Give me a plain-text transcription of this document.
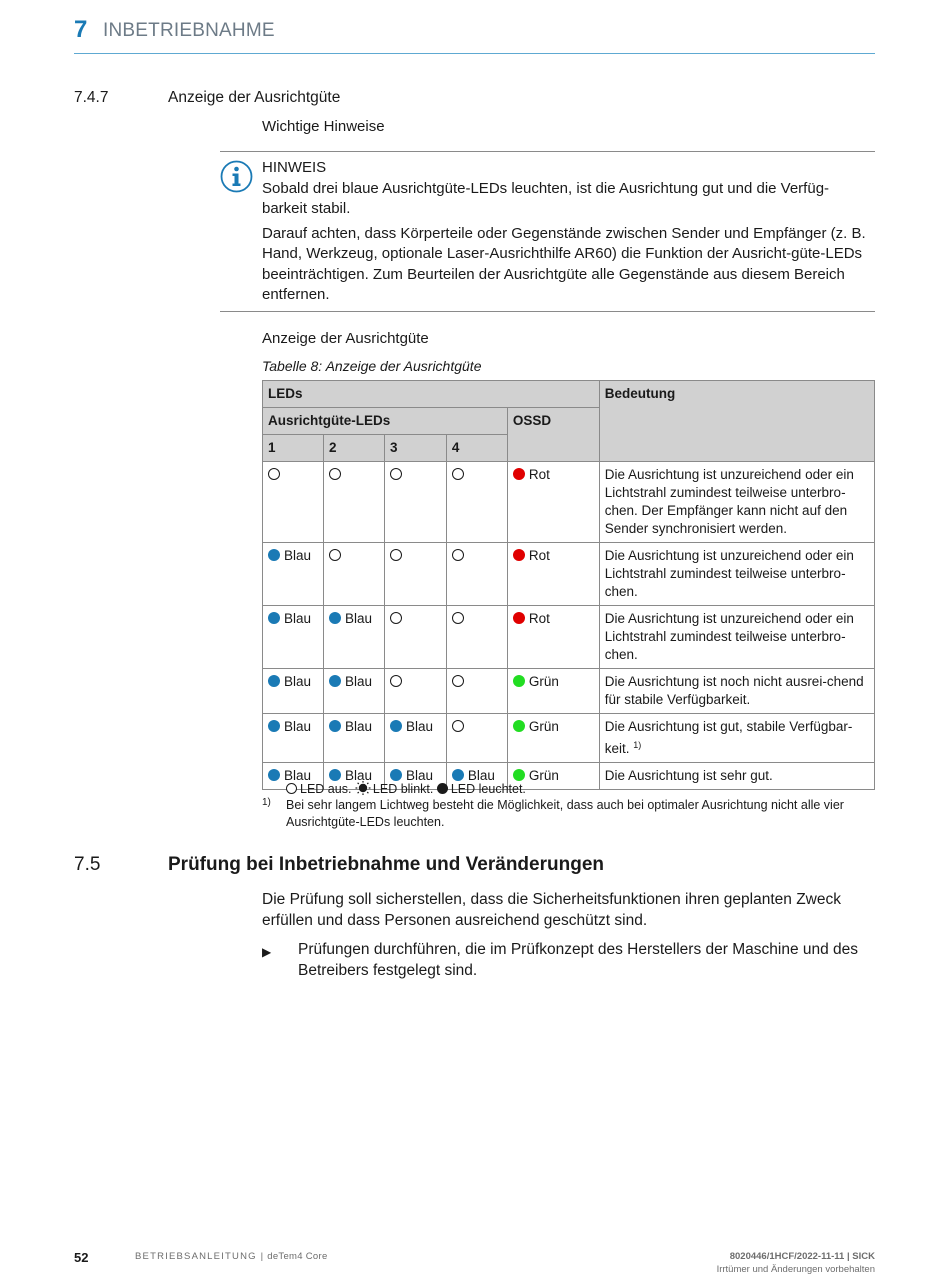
7 INBETRIEBNAHME
7.4.7	Anzeige der Ausrichtgüte
Wichtige Hinweise
HINWEIS
Sobald drei blaue Ausrichtgüte-LEDs leuchten, ist die Ausrichtung gut und die Verfüg-barkeit stabil.
Darauf achten, dass Körperteile oder Gegenstände zwischen Sender und Empfänger (z. B. Hand, Werkzeug, optionale Laser-Ausrichthilfe AR60) die Funktion der Ausricht-güte-LEDs beeinträchtigen. Zum Beurteilen der Ausrichtgüte alle Gegenstände aus diesem Bereich entfernen.
Anzeige der Ausrichtgüte
Tabelle 8: Anzeige der Ausrichtgüte
LEDs					Bedeutung
Ausrichtgüte-LEDs				OSSD	
1	2	3	4		
				Rot	Die Ausrichtung ist unzureichend oder ein Lichtstrahl zumindest teilweise unterbro-chen. Der Empfänger kann nicht auf den Sender synchronisiert werden.
Blau				Rot	Die Ausrichtung ist unzureichend oder ein Lichtstrahl zumindest teilweise unterbro-chen.
Blau	Blau			Rot	Die Ausrichtung ist unzureichend oder ein Lichtstrahl zumindest teilweise unterbro-chen.
Blau	Blau			Grün	Die Ausrichtung ist noch nicht ausrei-chend für stabile Verfügbarkeit.
Blau	Blau	Blau		Grün	Die Ausrichtung ist gut, stabile Verfügbar-keit. $^{1)}$
Blau	Blau	Blau	Blau	Grün	Die Ausrichtung ist sehr gut.
LED aus. LED blinkt. LED leuchtet.
1) Bei sehr langem Lichtweg besteht die Möglichkeit, dass auch bei optimaler Ausrichtung nicht alle vier Ausrichtgüte-LEDs leuchten.
7.5	Prüfung bei Inbetriebnahme und Veränderungen
Die Prüfung soll sicherstellen, dass die Sicherheitsfunktionen ihren geplanten Zweck erfüllen und dass Personen ausreichend geschützt sind.
▶ Prüfungen durchführen, die im Prüfkonzept des Herstellers der Maschine und des Betreibers festgelegt sind.
52	BETRIEBSANLEITUNG | deTem4 Core	8020446/1HCF/2022-11-11 | SICK
Irrtümer und Änderungen vorbehalten
